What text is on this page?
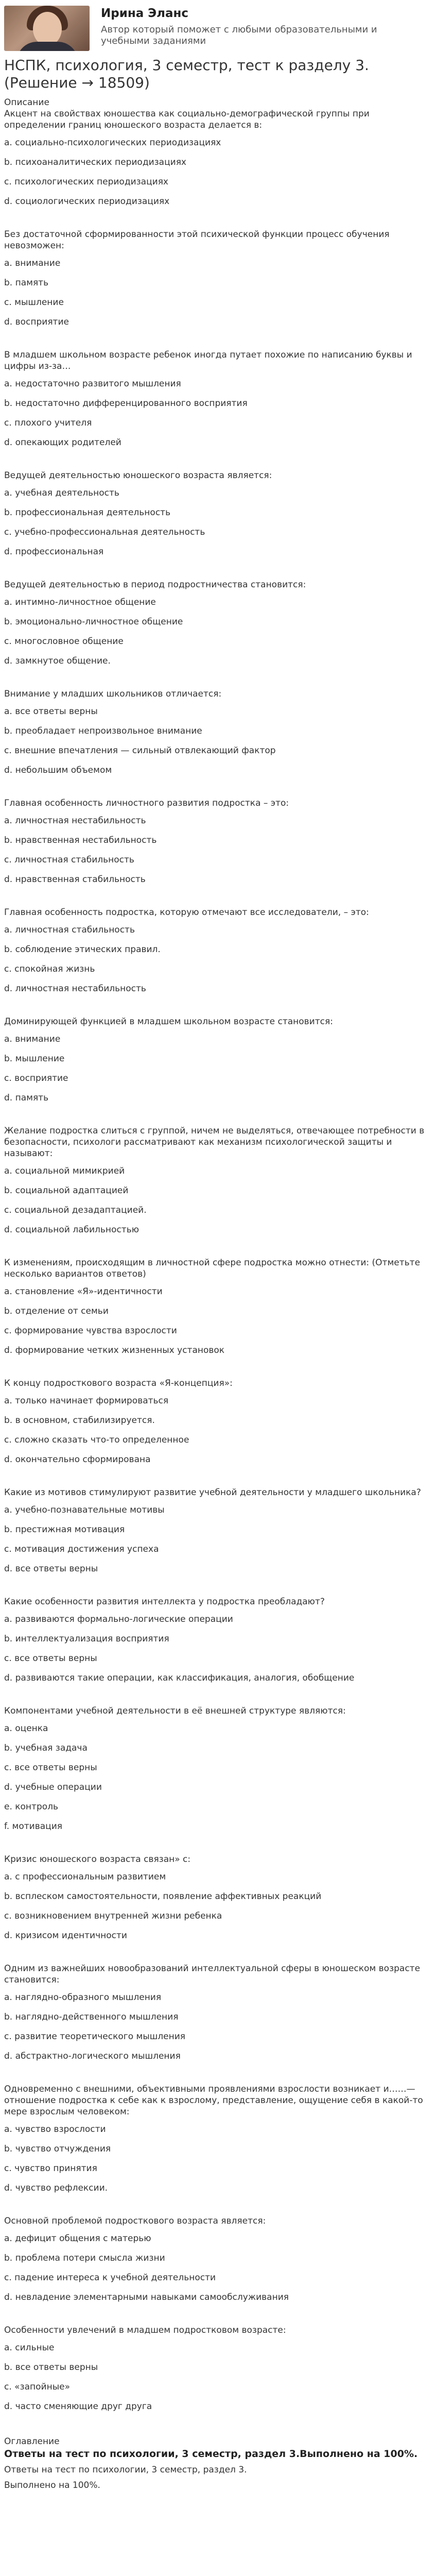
Ирина Эланс
Автор который поможет с любыми образовательными и учебными заданиями
НСПК, психология, 3 семестр, тест к разделу 3. (Решение → 18509)
Описание
Акцент на свойствах юношества как социально-демографической группы при определении границ юношеского возраста делается в:
a. социально-психологических периодизациях
b. психоаналитических периодизациях
c. психологических периодизациях
d. социологических периодизациях
Без достаточной сформированности этой психической функции процесс обучения невозможен:
a. внимание
b. память
c. мышление
d. восприятие
В младшем школьном возрасте ребенок иногда путает похожие по написанию буквы и цифры из-за…
a. недостаточно развитого мышления
b. недостаточно дифференцированного восприятия
c. плохого учителя
d. опекающих родителей
Ведущей деятельностью юношеского возраста является:
a. учебная деятельность
b. профессиональная деятельность
c. учебно-профессиональная деятельность
d. профессиональная
Ведущей деятельностью в период подростничества становится:
a. интимно-личностное общение
b. эмоционально-личностное общение
c. многословное общение
d. замкнутое общение.
Внимание у младших школьников отличается:
a. все ответы верны
b. преобладает непроизвольное внимание
c. внешние впечатления — сильный отвлекающий фактор
d. небольшим объемом
Главная особенность личностного развития подростка – это:
a. личностная нестабильность
b. нравственная нестабильность
c. личностная стабильность
d. нравственная стабильность
Главная особенность подростка, которую отмечают все исследователи, – это:
a. личностная стабильность
b. соблюдение этических правил.
c. спокойная жизнь
d. личностная нестабильность
Доминирующей функцией в младшем школьном возрасте становится:
a. внимание
b. мышление
c. восприятие
d. память
Желание подростка слиться с группой, ничем не выделяться, отвечающее потребности в безопасности, психологи рассматривают как механизм психологической защиты и называют:
a. социальной мимикрией
b. социальной адаптацией
c. социальной дезадаптацией.
d. социальной лабильностью
К изменениям, происходящим в личностной сфере подростка можно отнести: (Отметьте несколько вариантов ответов)
a. становление «Я»-идентичности
b. отделение от семьи
c. формирование чувства взрослости
d. формирование четких жизненных установок
К концу подросткового возраста «Я-концепция»:
a. только начинает формироваться
b. в основном, стабилизируется.
c. сложно сказать что-то определенное
d. окончательно сформирована
Какие из мотивов стимулируют развитие учебной деятельности у младшего школьника?
a. учебно-познавательные мотивы
b. престижная мотивация
c. мотивация достижения успеха
d. все ответы верны
Какие особенности развития интеллекта у подростка преобладают?
a. развиваются формально-логические операции
b. интеллектуализация восприятия
c. все ответы верны
d. развиваются такие операции, как классификация, аналогия, обобщение
Компонентами учебной деятельности в её внешней структуре являются:
a. оценка
b. учебная задача
c. все ответы верны
d. учебные операции
e. контроль
f. мотивация
Кризис юношеского возраста связан» с:
a. с профессиональным развитием
b. всплеском самостоятельности, появление аффективных реакций
c. возникновением внутренней жизни ребенка
d. кризисом идентичности
Одним из важнейших новообразований интеллектуальной сферы в юношеском возрасте становится:
a. наглядно-образного мышления
b. наглядно-действенного мышления
c. развитие теоретического мышления
d. абстрактно-логического мышления
Одновременно с внешними, объективными проявлениями взрослости возникает и……— отношение подростка к себе как к взрослому, представление, ощущение себя в какой-то мере взрослым человеком:
a. чувство взрослости
b. чувство отчуждения
c. чувство принятия
d. чувство рефлексии.
Основной проблемой подросткового возраста является:
a. дефицит общения с матерью
b. проблема потери смысла жизни
c. падение интереса к учебной деятельности
d. невладение элементарными навыками самообслуживания
Особенности увлечений в младшем подростковом возрасте:
a. сильные
b. все ответы верны
c. «запойные»
d. часто сменяющие друг друга
Оглавление
Ответы на тест по психологии, 3 семестр, раздел 3.Выполнено на 100%.
Ответы на тест по психологии, 3 семестр, раздел 3.
Выполнено на 100%.
